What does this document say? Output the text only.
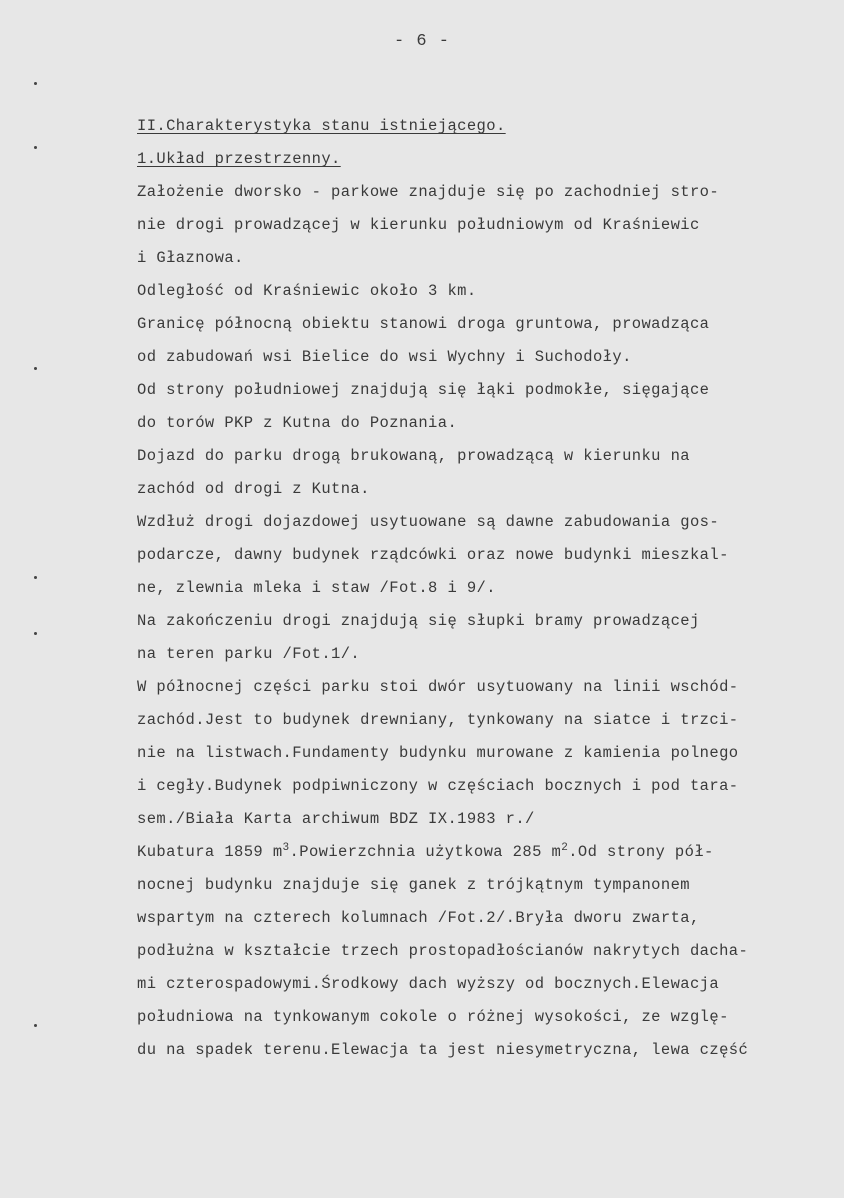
- 6 -
II.Charakterystyka stanu istniejącego.
1.Układ przestrzenny.
Założenie dworsko - parkowe znajduje się po zachodniej stro-
nie drogi prowadzącej w kierunku południowym od Kraśniewic
i Głaznowa.
Odległość od Kraśniewic około 3 km.
Granicę północną obiektu stanowi droga gruntowa, prowadząca
od zabudowań wsi Bielice do wsi Wychny i Suchodoły.
Od strony południowej znajdują się łąki podmokłe, sięgające
do torów PKP z Kutna do Poznania.
Dojazd do parku drogą brukowaną, prowadzącą w kierunku na
zachód od drogi z Kutna.
Wzdłuż drogi dojazdowej usytuowane są dawne zabudowania gos-
podarcze, dawny budynek rządcówki oraz nowe budynki mieszkal-
ne, zlewnia mleka i staw /Fot.8 i 9/.
Na zakończeniu drogi znajdują się słupki bramy prowadzącej
na teren parku /Fot.1/.
W północnej części parku stoi dwór usytuowany na linii wschód-
zachód.Jest to budynek drewniany, tynkowany na siatce i trzci-
nie na listwach.Fundamenty budynku murowane z kamienia polnego
i cegły.Budynek podpiwniczony w częściach bocznych i pod tara-
sem./Biała Karta archiwum BDZ IX.1983 r./
Kubatura 1859 $m^3.Powierzchnia$ użytkowa 285 $m^2.Od$ strony pół-
nocnej budynku znajduje się ganek z trójkątnym tympanonem
wspartym na czterech kolumnach /Fot.2/.Bryła dworu zwarta,
podłużna w kształcie trzech prostopadłościanów nakrytych dacha-
mi czterospadowymi.Środkowy dach wyższy od bocznych.Elewacja
południowa na tynkowanym cokole o różnej wysokości, ze wzglę-
du na spadek terenu.Elewacja ta jest niesymetryczna, lewa część
